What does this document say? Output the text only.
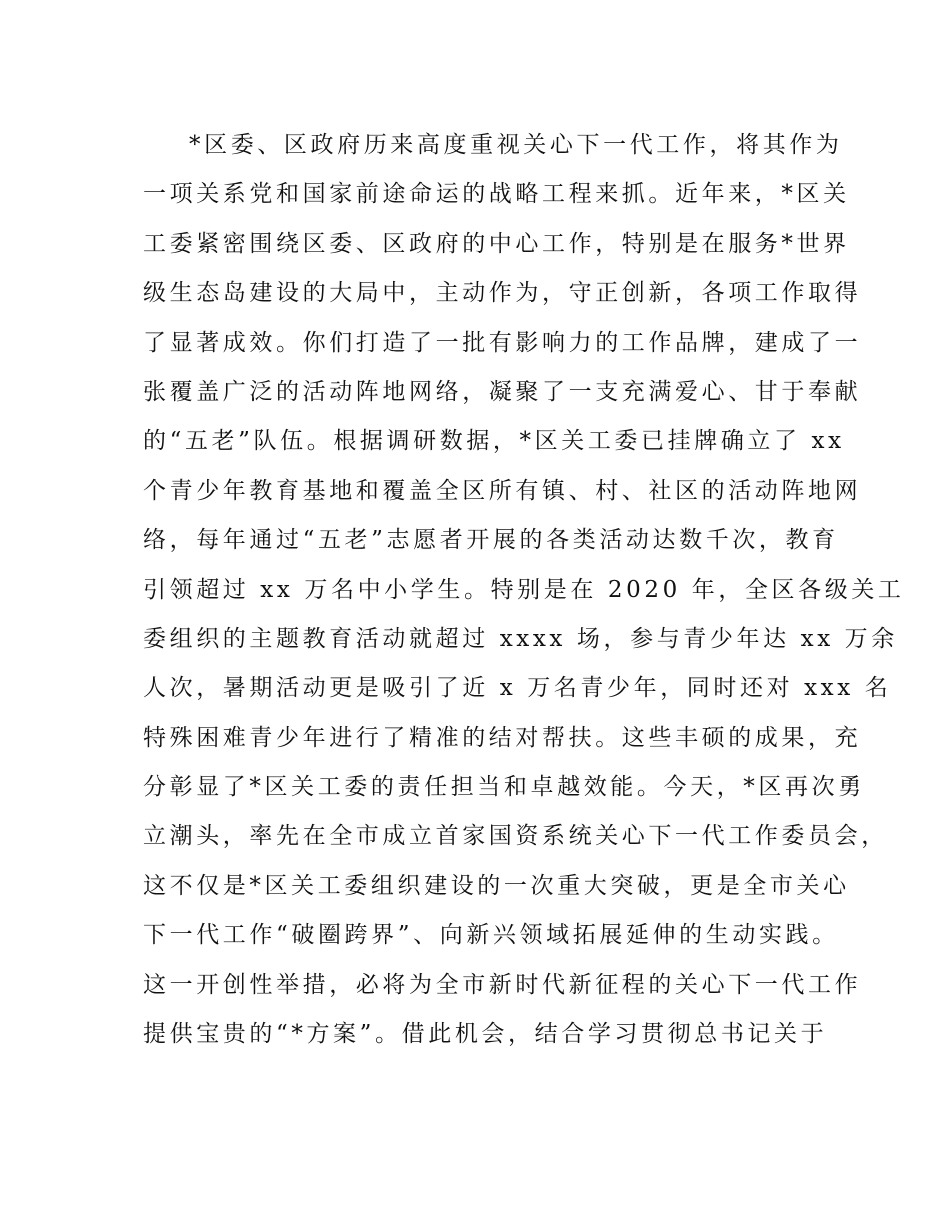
*区委、区政府历来高度重视关心下一代工作，将其作为
一项关系党和国家前途命运的战略工程来抓。近年来，*区关
工委紧密围绕区委、区政府的中心工作，特别是在服务*世界
级生态岛建设的大局中，主动作为，守正创新，各项工作取得
了显著成效。你们打造了一批有影响力的工作品牌，建成了一
张覆盖广泛的活动阵地网络，凝聚了一支充满爱心、甘于奉献
的“五老”队伍。根据调研数据，*区关工委已挂牌确立了 xx
个青少年教育基地和覆盖全区所有镇、村、社区的活动阵地网
络，每年通过“五老”志愿者开展的各类活动达数千次，教育
引领超过 xx 万名中小学生。特别是在 2020 年，全区各级关工
委组织的主题教育活动就超过 xxxx 场，参与青少年达 xx 万余
人次，暑期活动更是吸引了近 x 万名青少年，同时还对 xxx 名
特殊困难青少年进行了精准的结对帮扶。这些丰硕的成果，充
分彰显了*区关工委的责任担当和卓越效能。今天，*区再次勇
立潮头，率先在全市成立首家国资系统关心下一代工作委员会，
这不仅是*区关工委组织建设的一次重大突破，更是全市关心
下一代工作“破圈跨界”、向新兴领域拓展延伸的生动实践。
这一开创性举措，必将为全市新时代新征程的关心下一代工作
提供宝贵的“*方案”。借此机会，结合学习贯彻总书记关于
